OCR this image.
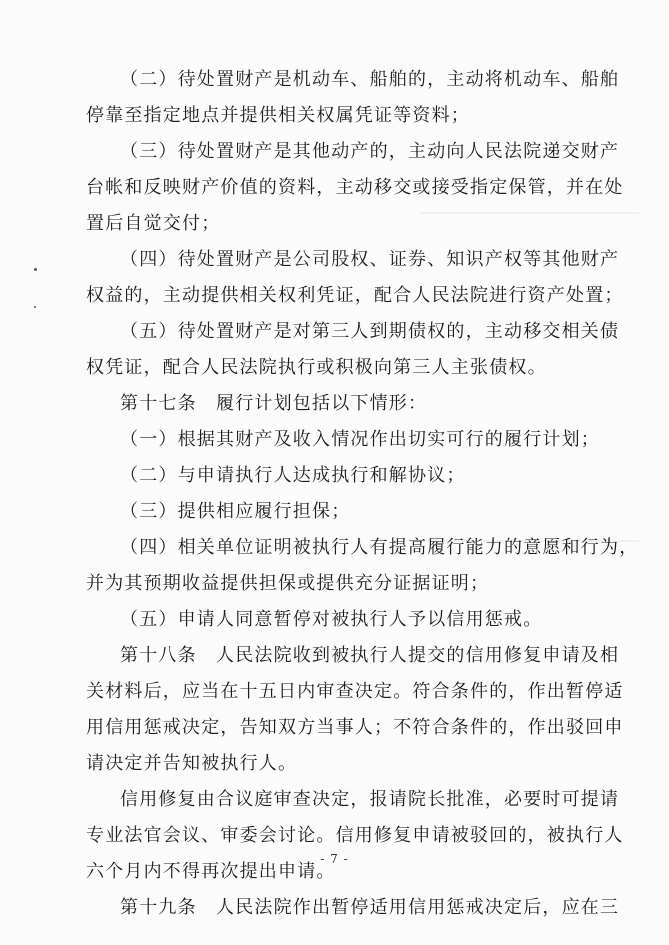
（二）待处置财产是机动车、船舶的，主动将机动车、船舶
停靠至指定地点并提供相关权属凭证等资料；
（三）待处置财产是其他动产的，主动向人民法院递交财产
台帐和反映财产价值的资料，主动移交或接受指定保管，并在处
置后自觉交付；
（四）待处置财产是公司股权、证券、知识产权等其他财产
权益的，主动提供相关权利凭证，配合人民法院进行资产处置；
（五）待处置财产是对第三人到期债权的，主动移交相关债
权凭证，配合人民法院执行或积极向第三人主张债权。
第十七条　履行计划包括以下情形：
（一）根据其财产及收入情况作出切实可行的履行计划；
（二）与申请执行人达成执行和解协议；
（三）提供相应履行担保；
（四）相关单位证明被执行人有提高履行能力的意愿和行为，
并为其预期收益提供担保或提供充分证据证明；
（五）申请人同意暂停对被执行人予以信用惩戒。
第十八条　人民法院收到被执行人提交的信用修复申请及相
关材料后，应当在十五日内审查决定。符合条件的，作出暂停适
用信用惩戒决定，告知双方当事人；不符合条件的，作出驳回申
请决定并告知被执行人。
信用修复由合议庭审查决定，报请院长批准，必要时可提请
专业法官会议、审委会讨论。信用修复申请被驳回的，被执行人
六个月内不得再次提出申请。
第十九条　人民法院作出暂停适用信用惩戒决定后，应在三
- 7 -
